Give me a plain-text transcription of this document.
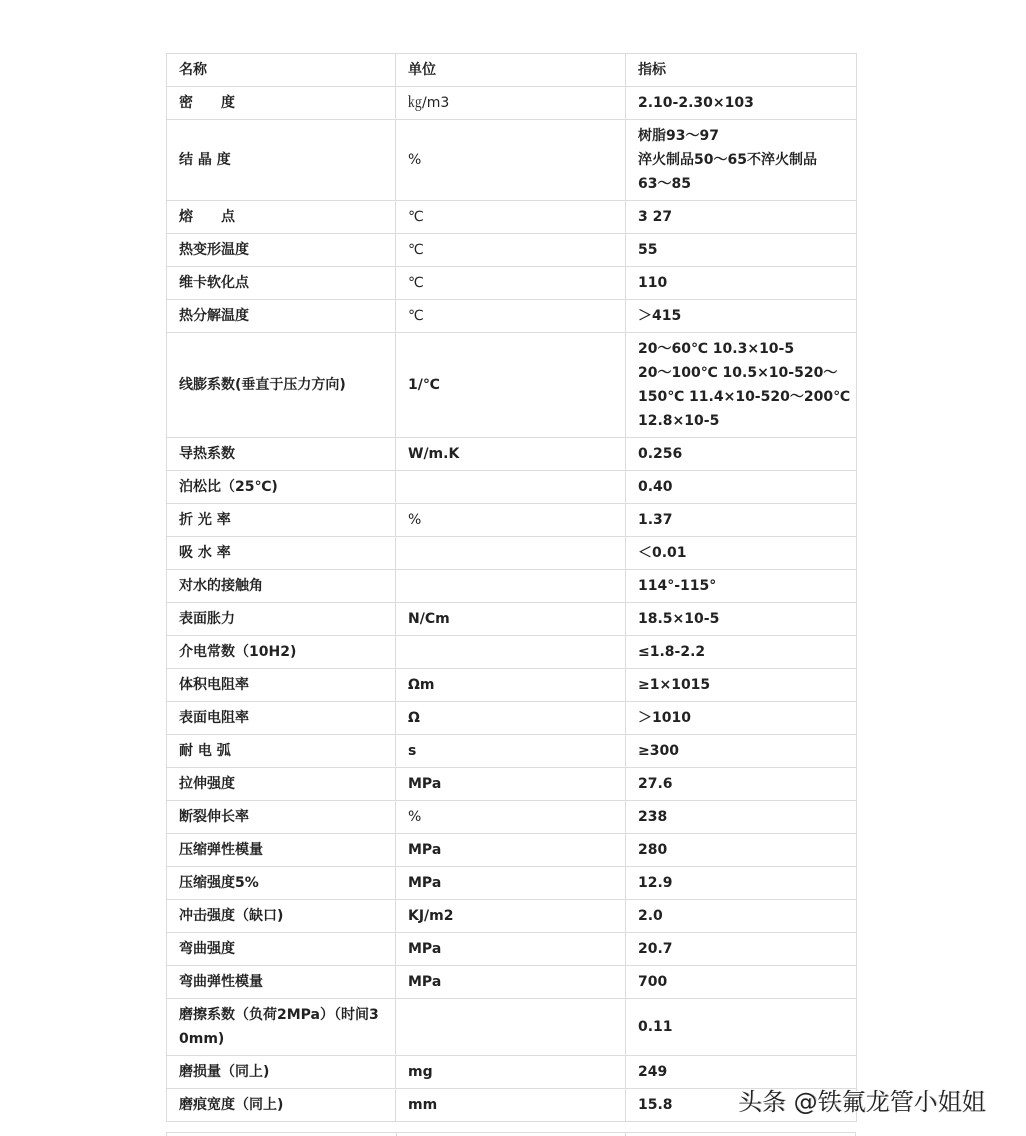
名称	单位	指标
密　　度	㎏/m3	2.10-2.30×103

结 晶 度	%	树脂93～97
淬火制品50～65不淬火制品
63～85

熔　　点	℃	3 27

热变形温度	℃	55

维卡软化点	℃	110

热分解温度	℃	＞415

线膨系数(垂直于压力方向)	1/℃	20～60℃ 10.3×10-5
20～100℃ 10.5×10-520～
150℃ 11.4×10-520～200℃
12.8×10-5

导热系数	W/m.K	0.256

泊松比（25℃)		0.40

折 光 率	%	1.37

吸 水 率		＜0.01

对水的接触角		114°-115°

表面胀力	N/Cm	18.5×10-5

介电常数（10H2)		≤1.8-2.2

体积电阻率	Ωm	≥1×1015

表面电阻率	Ω	＞1010

耐 电 弧	s	≥300

拉伸强度	MPa	27.6

断裂伸长率	%	238

压缩弹性模量	MPa	280

压缩强度5%	MPa	12.9

冲击强度（缺口)	KJ/m2	2.0

弯曲强度	MPa	20.7

弯曲弹性模量	MPa	700

磨擦系数（负荷2MPa）（时间30mm)		0.11

磨损量（同上)	mg	249

磨痕宽度（同上)	mm	15.8	头条 @铁氟龙管小姐姐
